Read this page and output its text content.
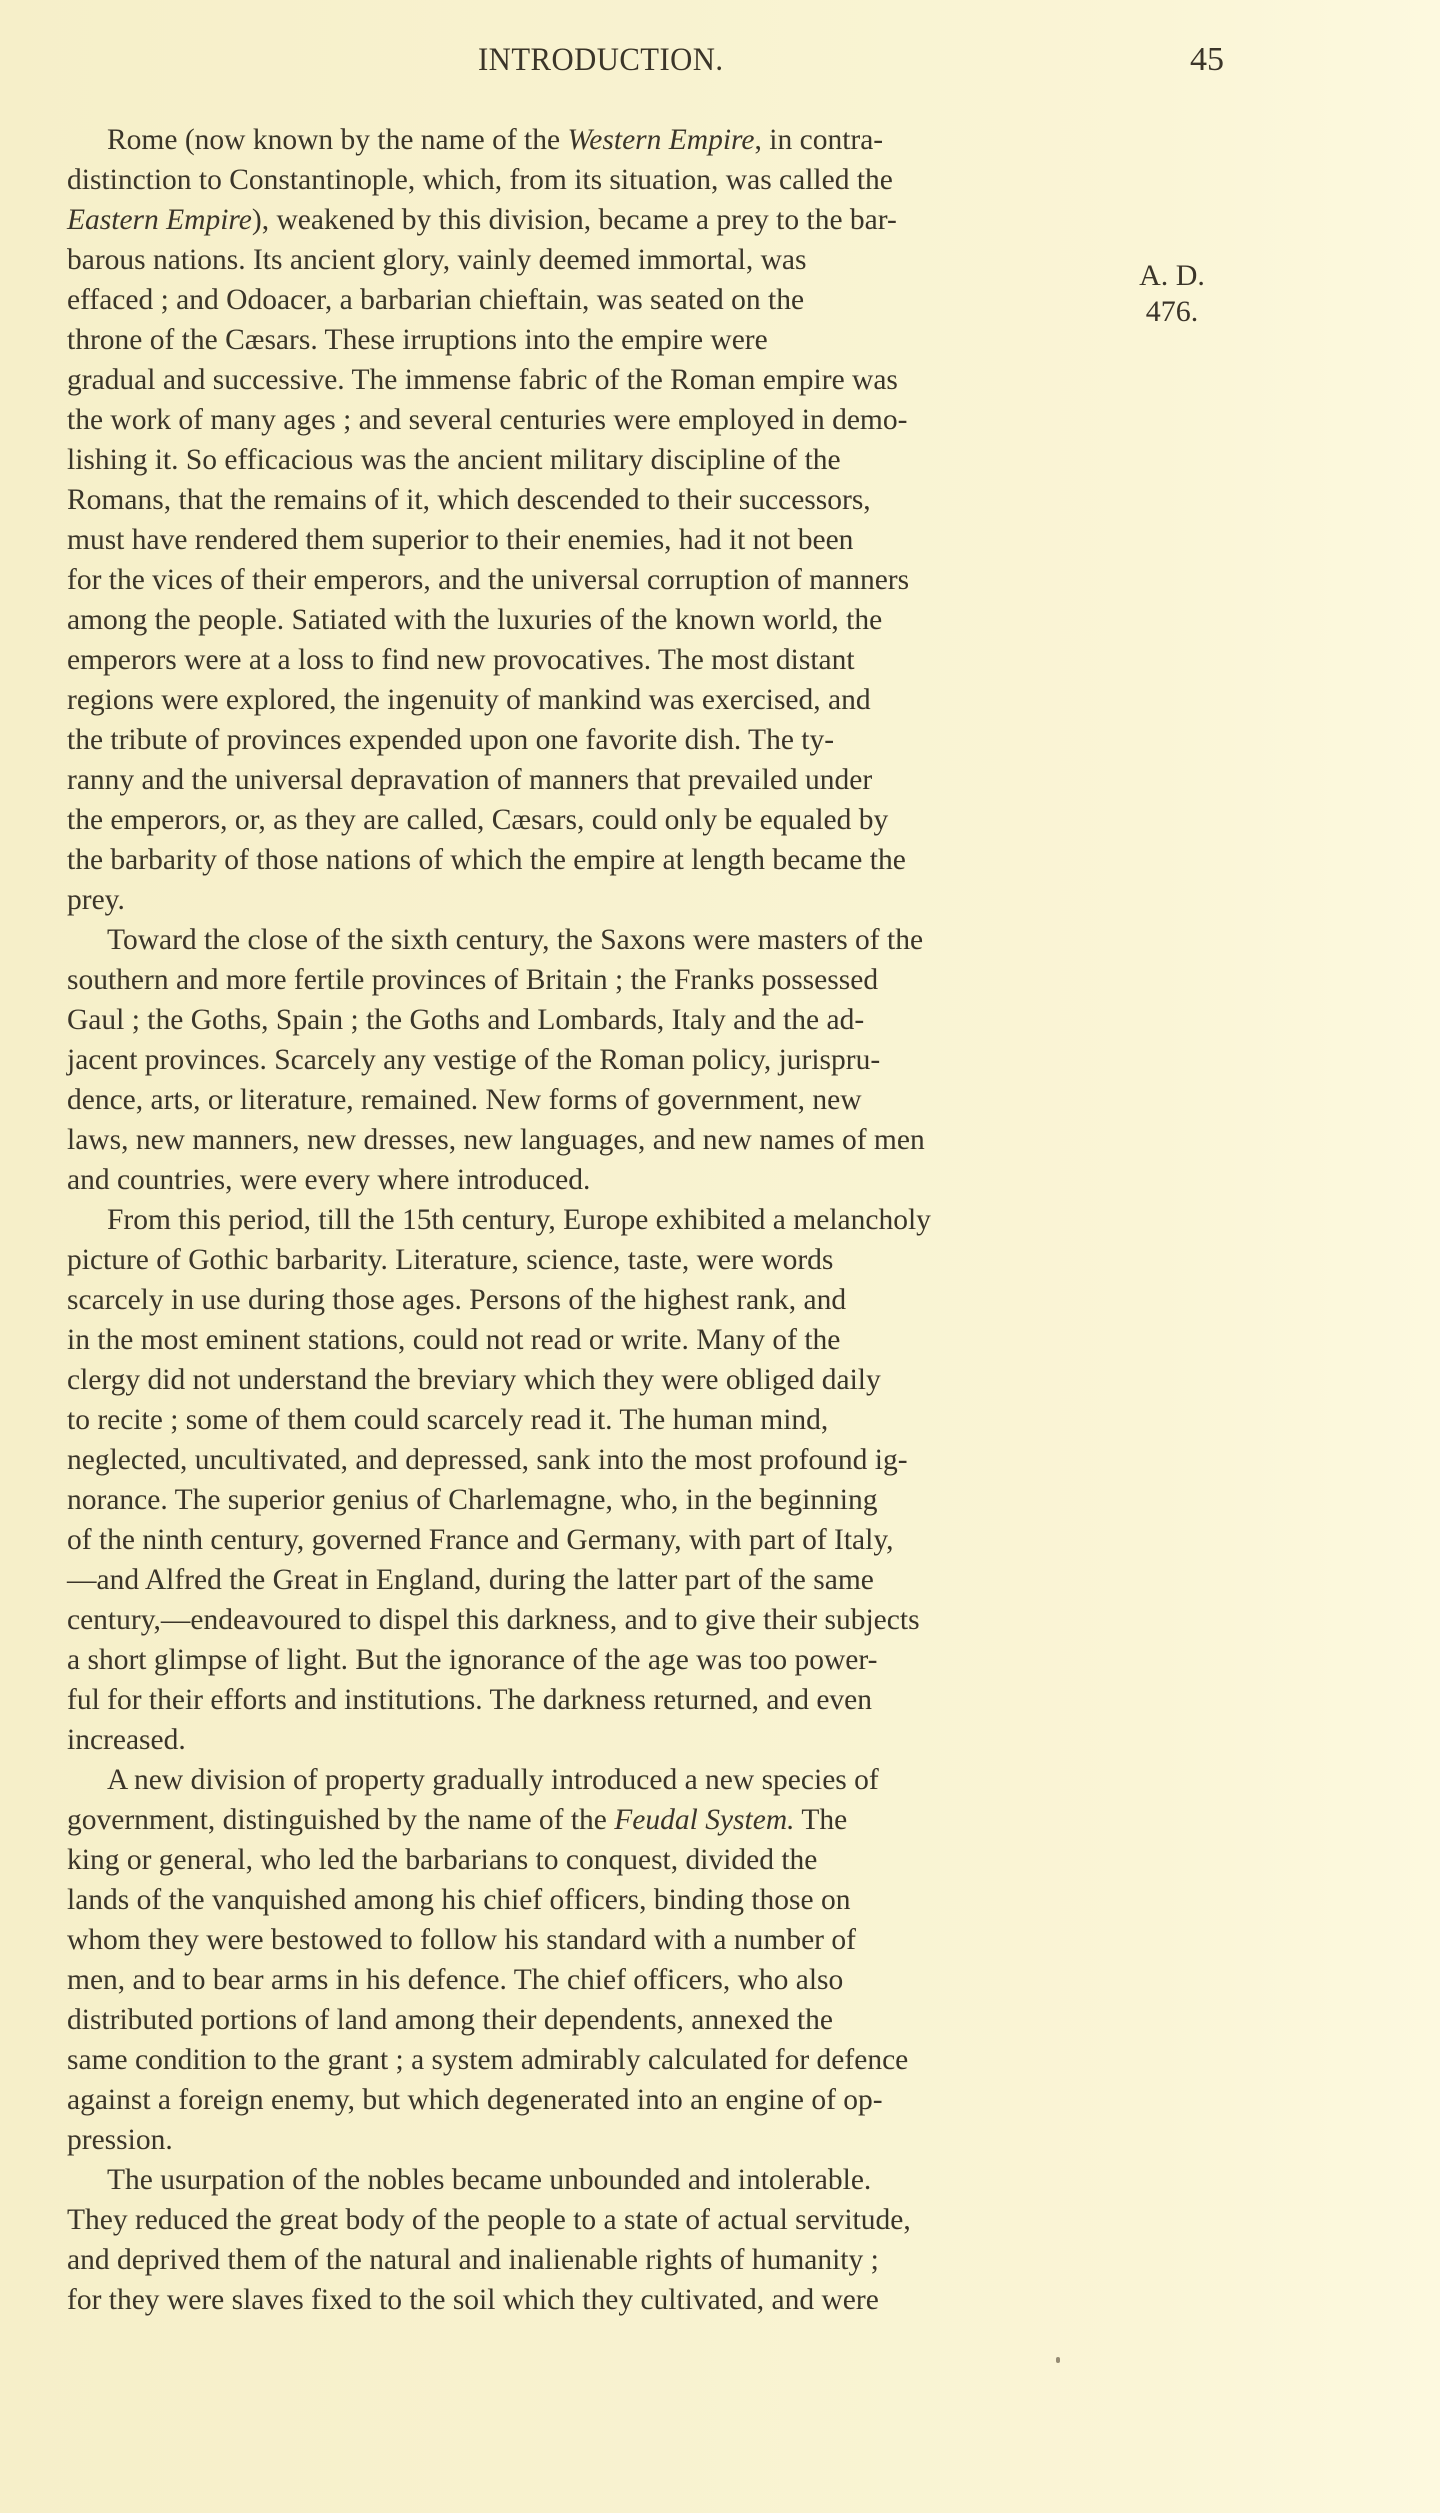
INTRODUCTION.	45
Rome (now known by the name of the Western Empire, in contra-
distinction to Constantinople, which, from its situation, was called the
Eastern Empire), weakened by this division, became a prey to the bar-
barous nations. Its ancient glory, vainly deemed immortal, was
effaced ; and Odoacer, a barbarian chieftain, was seated on the
throne of the Cæsars. These irruptions into the empire were
gradual and successive. The immense fabric of the Roman empire was
the work of many ages ; and several centuries were employed in demo-
lishing it. So efficacious was the ancient military discipline of the
Romans, that the remains of it, which descended to their successors,
must have rendered them superior to their enemies, had it not been
for the vices of their emperors, and the universal corruption of manners
among the people. Satiated with the luxuries of the known world, the
emperors were at a loss to find new provocatives. The most distant
regions were explored, the ingenuity of mankind was exercised, and
the tribute of provinces expended upon one favorite dish. The ty-
ranny and the universal depravation of manners that prevailed under
the emperors, or, as they are called, Cæsars, could only be equaled by
the barbarity of those nations of which the empire at length became the
prey.
Toward the close of the sixth century, the Saxons were masters of the
southern and more fertile provinces of Britain ; the Franks possessed
Gaul ; the Goths, Spain ; the Goths and Lombards, Italy and the ad-
jacent provinces. Scarcely any vestige of the Roman policy, jurispru-
dence, arts, or literature, remained. New forms of government, new
laws, new manners, new dresses, new languages, and new names of men
and countries, were every where introduced.
From this period, till the 15th century, Europe exhibited a melancholy
picture of Gothic barbarity. Literature, science, taste, were words
scarcely in use during those ages. Persons of the highest rank, and
in the most eminent stations, could not read or write. Many of the
clergy did not understand the breviary which they were obliged daily
to recite ; some of them could scarcely read it. The human mind,
neglected, uncultivated, and depressed, sank into the most profound ig-
norance. The superior genius of Charlemagne, who, in the beginning
of the ninth century, governed France and Germany, with part of Italy,
—and Alfred the Great in England, during the latter part of the same
century,—endeavoured to dispel this darkness, and to give their subjects
a short glimpse of light. But the ignorance of the age was too power-
ful for their efforts and institutions. The darkness returned, and even
increased.
A new division of property gradually introduced a new species of
government, distinguished by the name of the Feudal System. The
king or general, who led the barbarians to conquest, divided the
lands of the vanquished among his chief officers, binding those on
whom they were bestowed to follow his standard with a number of
men, and to bear arms in his defence. The chief officers, who also
distributed portions of land among their dependents, annexed the
same condition to the grant ; a system admirably calculated for defence
against a foreign enemy, but which degenerated into an engine of op-
pression.
The usurpation of the nobles became unbounded and intolerable.
They reduced the great body of the people to a state of actual servitude,
and deprived them of the natural and inalienable rights of humanity ;
for they were slaves fixed to the soil which they cultivated, and were
A. D.
476.
